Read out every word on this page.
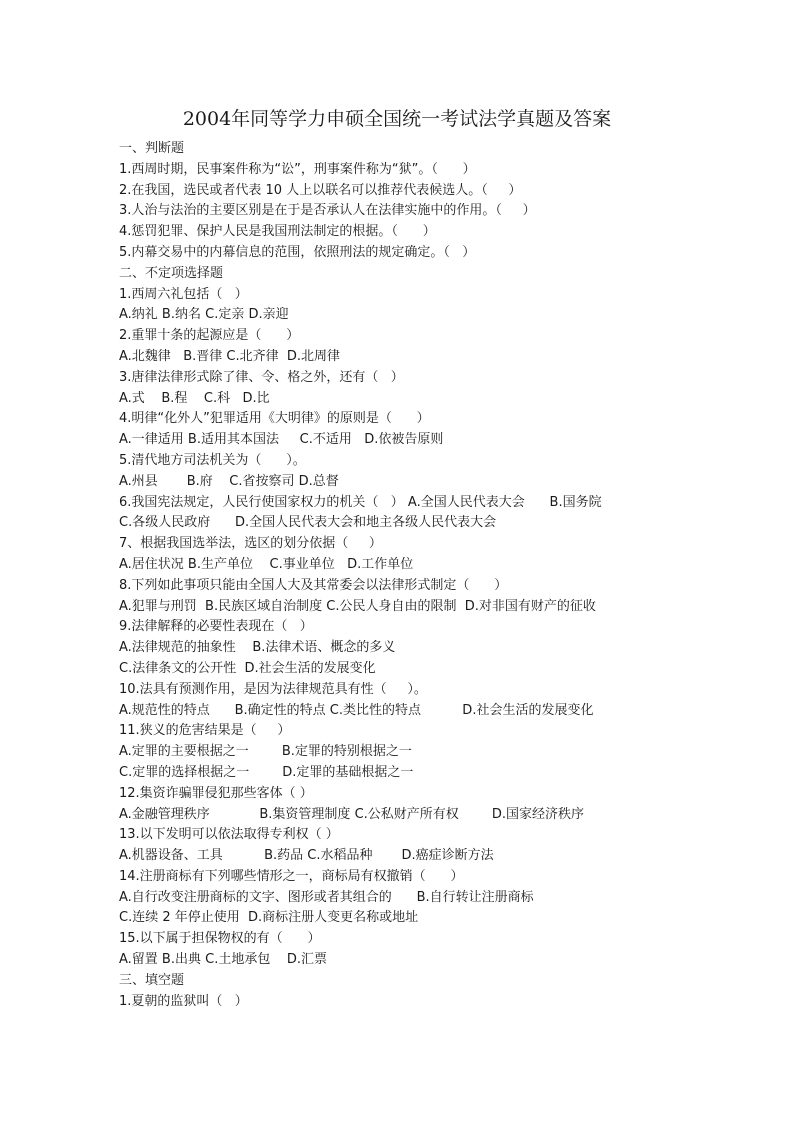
2004年同等学力申硕全国统一考试法学真题及答案
一、判断题
1.西周时期，民事案件称为“讼”，刑事案件称为“狱”。（      ）
2.在我国，选民或者代表 10 人上以联名可以推荐代表候选人。（     ）
3.人治与法治的主要区别是在于是否承认人在法律实施中的作用。（     ）
4.惩罚犯罪、保护人民是我国刑法制定的根据。（      ）
5.内幕交易中的内幕信息的范围，依照刑法的规定确定。（   ）
二、不定项选择题
1.西周六礼包括（   ）
A.纳礼 B.纳名 C.定亲 D.亲迎
2.重罪十条的起源应是（      ）
A.北魏律   B.晋律 C.北齐律  D.北周律
3.唐律法律形式除了律、令、格之外，还有（   ）
A.式    B.程    C.科   D.比
4.明律“化外人”犯罪适用《大明律》的原则是（      ）
A.一律适用 B.适用其本国法     C.不适用   D.依被告原则
5.清代地方司法机关为（      ）。
A.州县       B.府    C.省按察司 D.总督
6.我国宪法规定，人民行使国家权力的机关（   ） A.全国人民代表大会      B.国务院
C.各级人民政府      D.全国人民代表大会和地主各级人民代表大会
7、根据我国选举法，选区的划分依据（     ）
A.居住状况 B.生产单位    C.事业单位   D.工作单位
8.下列如此事项只能由全国人大及其常委会以法律形式制定（      ）
A.犯罪与刑罚  B.民族区域自治制度 C.公民人身自由的限制  D.对非国有财产的征收
9.法律解释的必要性表现在（   ）
A.法律规范的抽象性    B.法律术语、概念的多义
C.法律条文的公开性  D.社会生活的发展变化
10.法具有预测作用，是因为法律规范具有性（     ）。
A.规范性的特点      B.确定性的特点 C.类比性的特点          D.社会生活的发展变化
11.狭义的危害结果是（     ）
A.定罪的主要根据之一        B.定罪的特别根据之一
C.定罪的选择根据之一        D.定罪的基础根据之一
12.集资诈骗罪侵犯那些客体（ ）
A.金融管理秩序            B.集资管理制度 C.公私财产所有权        D.国家经济秩序
13.以下发明可以依法取得专利权（ ）
A.机器设备、工具          B.药品 C.水稻品种       D.癌症诊断方法
14.注册商标有下列哪些情形之一，商标局有权撤销（      ）
A.自行改变注册商标的文字、图形或者其组合的      B.自行转让注册商标
C.连续 2 年停止使用  D.商标注册人变更名称或地址
15.以下属于担保物权的有（      ）
A.留置 B.出典 C.土地承包    D.汇票
三、填空题
1.夏朝的监狱叫（   ）
